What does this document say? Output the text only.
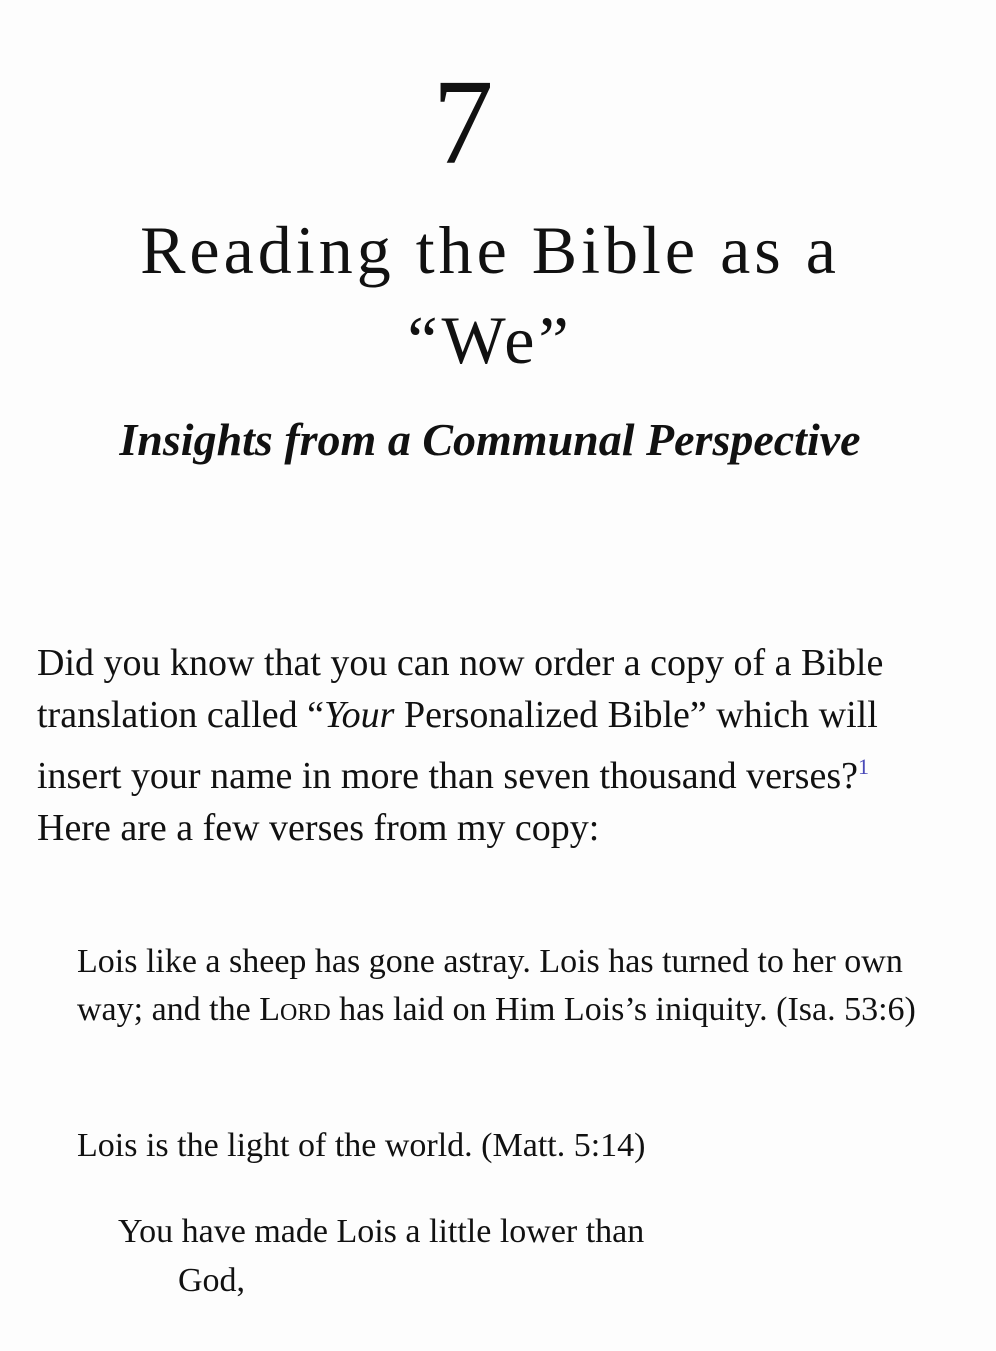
7
Reading the Bible as a
“We”
Insights from a Communal Perspective

Did you know that you can now order a copy of a Bible translation called “Your Personalized Bible” which will insert your name in more than seven thousand verses?$^1$ Here are a few verses from my copy:

Lois like a sheep has gone astray. Lois has turned to her own way; and the Lord has laid on Him Lois’s iniquity. (Isa. 53:6)

Lois is the light of the world. (Matt. 5:14)

You have made Lois a little lower than

God,
